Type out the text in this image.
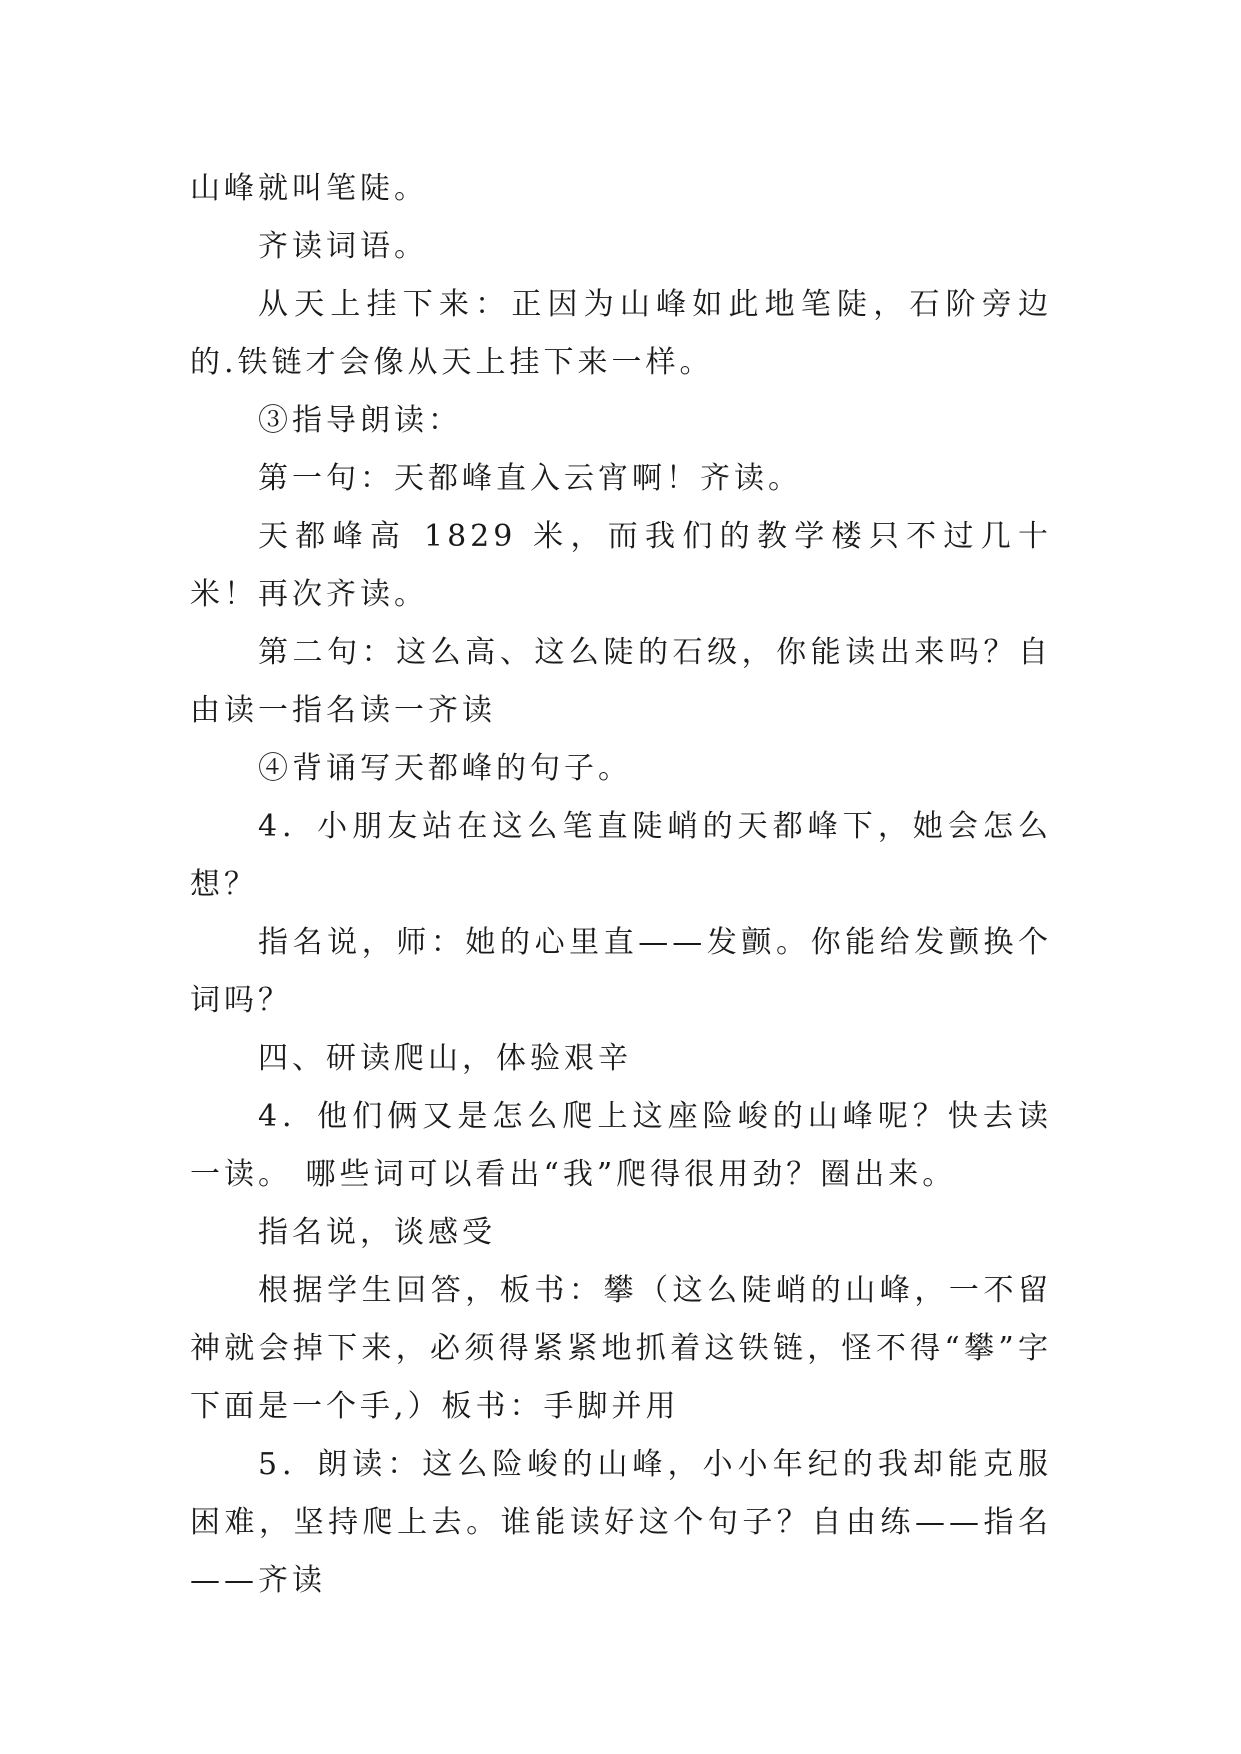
山峰就叫笔陡。

齐读词语。

从天上挂下来：正因为山峰如此地笔陡，石阶旁边的.铁链才会像从天上挂下来一样。

③指导朗读：

第一句：天都峰直入云宵啊！齐读。

天都峰高 1829 米，而我们的教学楼只不过几十米！再次齐读。

第二句：这么高、这么陡的石级，你能读出来吗？自由读一指名读一齐读

④背诵写天都峰的句子。

4．小朋友站在这么笔直陡峭的天都峰下，她会怎么想？

指名说，师：她的心里直——发颤。你能给发颤换个词吗？

四、研读爬山，体验艰辛

4．他们俩又是怎么爬上这座险峻的山峰呢？快去读一读。 哪些词可以看出“我”爬得很用劲？圈出来。

指名说，谈感受

根据学生回答，板书：攀（这么陡峭的山峰，一不留神就会掉下来，必须得紧紧地抓着这铁链，怪不得“攀”字下面是一个手,）板书：手脚并用

5．朗读：这么险峻的山峰，小小年纪的我却能克服困难，坚持爬上去。谁能读好这个句子？自由练——指名——齐读
